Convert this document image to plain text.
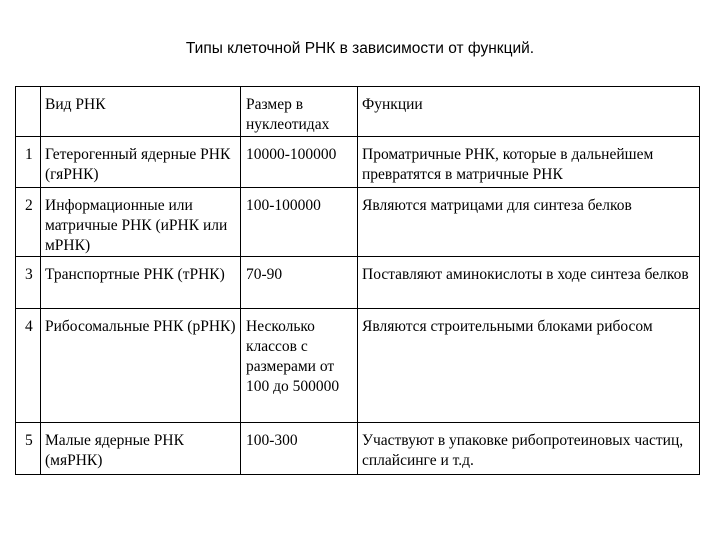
Типы клеточной РНК в зависимости от функций.
	Вид РНК	Размер в нуклеотидах	Функции
1	Гетерогенный ядерные РНК (гяРНК)	10000-100000	Проматричные РНК, которые в дальнейшем превратятся в матричные РНК
2	Информационные или матричные РНК (иРНК или мРНК)	100-100000	Являются матрицами для синтеза белков
3	Транспортные РНК (тРНК)	70-90	Поставляют аминокислоты в ходе синтеза белков
4	Рибосомальные РНК (рРНК)	Несколько классов с размерами от 100 до 500000	Являются строительными блоками рибосом
5	Малые ядерные РНК (мяРНК)	100-300	Участвуют в упаковке рибопротеиновых частиц, сплайсинге и т.д.
